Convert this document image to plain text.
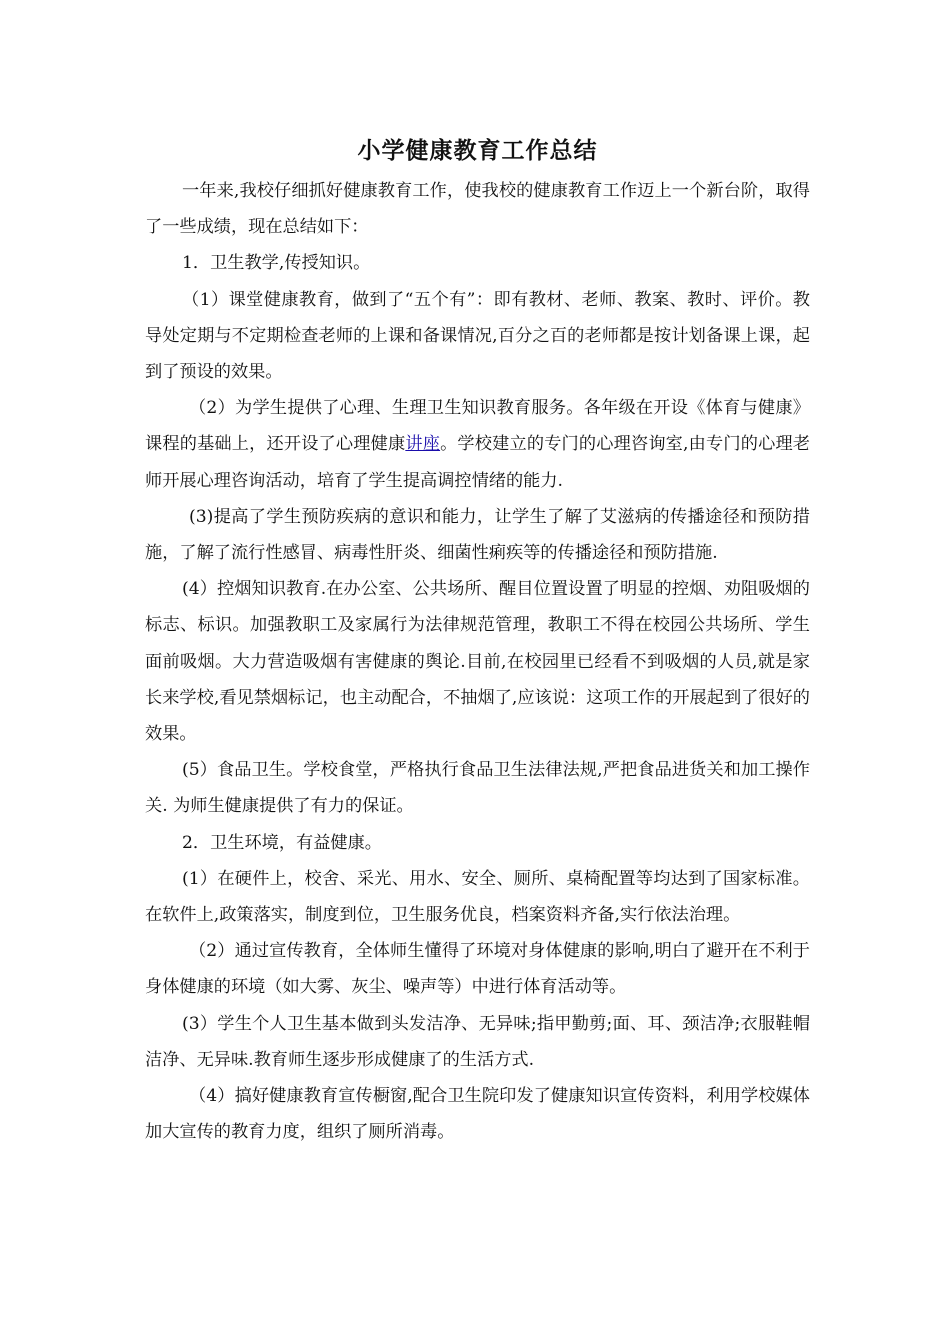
小学健康教育工作总结

一年来,我校仔细抓好健康教育工作，使我校的健康教育工作迈上一个新台阶，取得了一些成绩，现在总结如下：

1．卫生教学,传授知识。

（1）课堂健康教育，做到了“五个有”：即有教材、老师、教案、教时、评价。教导处定期与不定期检查老师的上课和备课情况,百分之百的老师都是按计划备课上课，起到了预设的效果。

（2）为学生提供了心理、生理卫生知识教育服务。各年级在开设《体育与健康》课程的基础上，还开设了心理健康讲座。学校建立的专门的心理咨询室,由专门的心理老师开展心理咨询活动，培育了学生提高调控情绪的能力.

(3)提高了学生预防疾病的意识和能力，让学生了解了艾滋病的传播途径和预防措施，了解了流行性感冒、病毒性肝炎、细菌性痢疾等的传播途径和预防措施.

(4）控烟知识教育.在办公室、公共场所、醒目位置设置了明显的控烟、劝阻吸烟的标志、标识。加强教职工及家属行为法律规范管理，教职工不得在校园公共场所、学生面前吸烟。大力营造吸烟有害健康的舆论.目前,在校园里已经看不到吸烟的人员,就是家长来学校,看见禁烟标记，也主动配合，不抽烟了,应该说：这项工作的开展起到了很好的效果。

(5）食品卫生。学校食堂，严格执行食品卫生法律法规,严把食品进货关和加工操作关. 为师生健康提供了有力的保证。

2．卫生环境，有益健康。

(1）在硬件上，校舍、采光、用水、安全、厕所、桌椅配置等均达到了国家标准。在软件上,政策落实，制度到位，卫生服务优良，档案资料齐备,实行依法治理。

（2）通过宣传教育，全体师生懂得了环境对身体健康的影响,明白了避开在不利于身体健康的环境（如大雾、灰尘、噪声等）中进行体育活动等。

(3）学生个人卫生基本做到头发洁净、无异味;指甲勤剪;面、耳、颈洁净;衣服鞋帽洁净、无异味.教育师生逐步形成健康了的生活方式.

（4）搞好健康教育宣传橱窗,配合卫生院印发了健康知识宣传资料，利用学校媒体加大宣传的教育力度，组织了厕所消毒。
